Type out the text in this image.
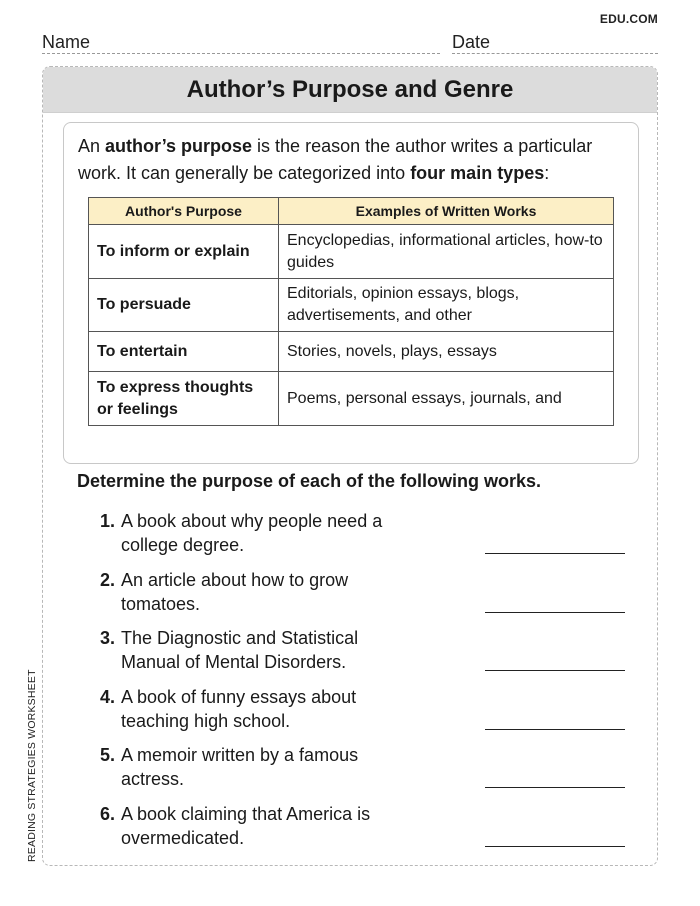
EDU.COM
Name	Date
READING STRATEGIES WORKSHEET
Author’s Purpose and Genre

An author’s purpose is the reason the author writes a particular work. It can generally be categorized into four main types:

Author's Purpose	Examples of Written Works
To inform or explain	Encyclopedias, informational articles, how-to guides
To persuade	Editorials, opinion essays, blogs, advertisements, and other
To entertain	Stories, novels, plays, essays
To express thoughts or feelings	Poems, personal essays, journals, and
Determine the purpose of each of the following works.
1. A book about why people need a college degree.
2. An article about how to grow tomatoes.
3. The Diagnostic and Statistical Manual of Mental Disorders.
4. A book of funny essays about teaching high school.
5. A memoir written by a famous actress.
6. A book claiming that America is overmedicated.
